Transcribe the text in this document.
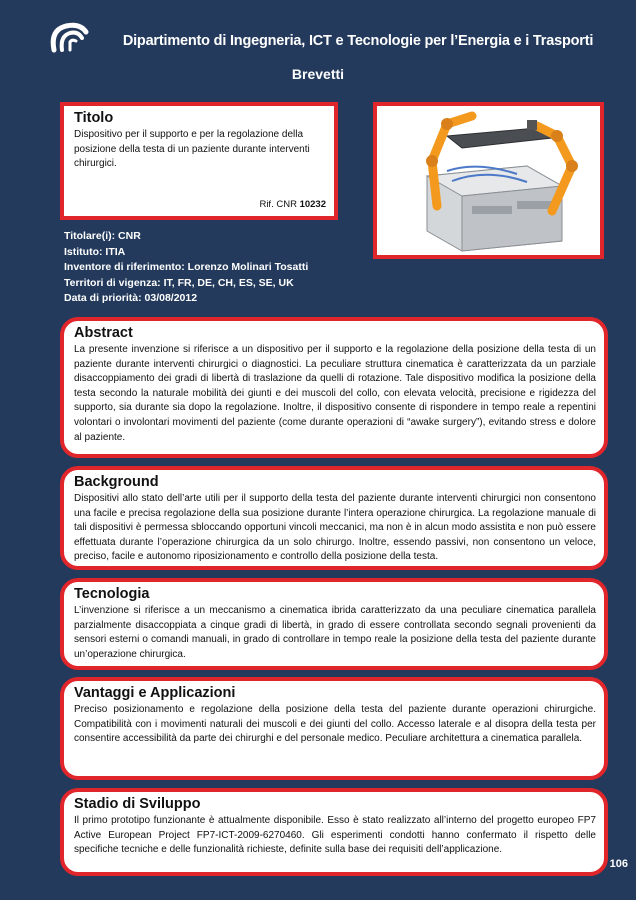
Dipartimento di Ingegneria, ICT e Tecnologie per l’Energia e i Trasporti
Brevetti
Titolo

Dispositivo per il supporto e per la regolazione della posizione della testa di un paziente durante interventi chirurgici.

Rif. CNR 10232
Titolare(i): CNR
Istituto: ITIA
Inventore di riferimento: Lorenzo Molinari Tosatti
Territori di vigenza: IT, FR, DE, CH, ES, SE, UK
Data di priorità: 03/08/2012
Abstract

La presente invenzione si riferisce a un dispositivo per il supporto e la regolazione della posizione della testa di un paziente durante interventi chirurgici o diagnostici. La peculiare struttura cinematica è caratterizzata da un parziale disaccoppiamento dei gradi di libertà di traslazione da quelli di rotazione. Tale dispositivo modifica la posizione della testa secondo la naturale mobilità dei giunti e dei muscoli del collo, con elevata velocità, precisione e rigidezza del supporto, sia durante sia dopo la regolazione. Inoltre, il dispositivo consente di rispondere in tempo reale a repentini volontari o involontari movimenti del paziente (come durante operazioni di “awake surgery”), evitando stress e dolore al paziente.

Background

Dispositivi allo stato dell’arte utili per il supporto della testa del paziente durante interventi chirurgici non consentono una facile e precisa regolazione della sua posizione durante l’intera operazione chirurgica. La regolazione manuale di tali dispositivi è permessa sbloccando opportuni vincoli meccanici, ma non è in alcun modo assistita e non può essere effettuata durante l’operazione chirurgica da un solo chirurgo. Inoltre, essendo passivi, non consentono un veloce, preciso, facile e autonomo riposizionamento e controllo della posizione della testa.

Tecnologia

L’invenzione si riferisce a un meccanismo a cinematica ibrida caratterizzato da una peculiare cinematica parallela parzialmente disaccoppiata a cinque gradi di libertà, in grado di essere controllata secondo segnali provenienti da sensori esterni o comandi manuali, in grado di controllare in tempo reale la posizione della testa del paziente durante un’operazione chirurgica.

Vantaggi e Applicazioni

Preciso posizionamento e regolazione della posizione della testa del paziente durante operazioni chirurgiche. Compatibilità con i movimenti naturali dei muscoli e dei giunti del collo. Accesso laterale e al disopra della testa per consentire accessibilità da parte dei chirurghi e del personale medico. Peculiare architettura a cinematica parallela.

Stadio di Sviluppo

Il primo prototipo funzionante è attualmente disponibile. Esso è stato realizzato all’interno del progetto europeo FP7 Active European Project FP7-ICT-2009-6270460. Gli esperimenti condotti hanno confermato il rispetto delle specifiche tecniche e delle funzionalità richieste, definite sulla base dei requisiti dell’applicazione.

106
